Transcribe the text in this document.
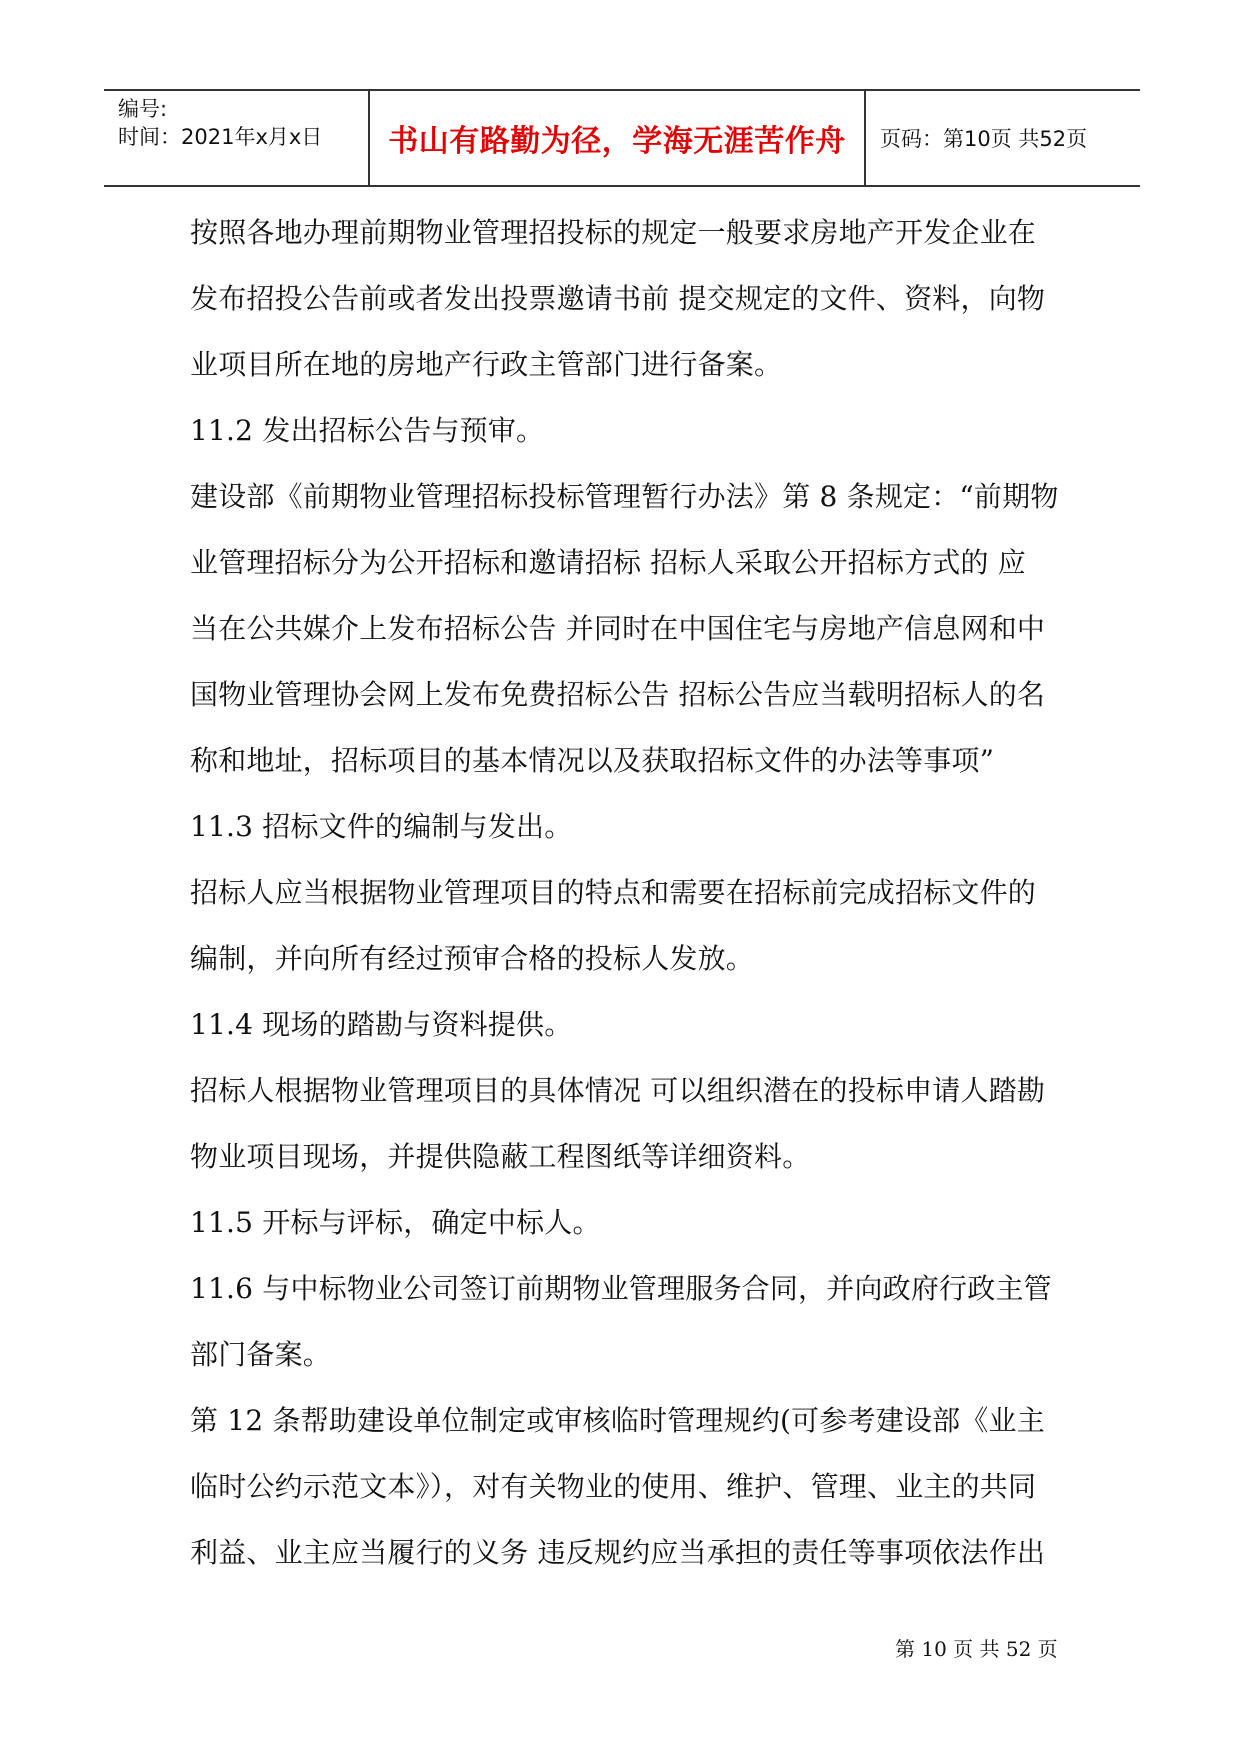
编号:
时间：2021年x月x日 书山有路勤为径，学海无涯苦作舟 页码：第10页 共52页
按照各地办理前期物业管理招投标的规定一般要求房地产开发企业在
发布招投公告前或者发出投票邀请书前 提交规定的文件、资料，向物
业项目所在地的房地产行政主管部门进行备案。
11.2 发出招标公告与预审。
建设部《前期物业管理招标投标管理暂行办法》第 8 条规定：“前期物
业管理招标分为公开招标和邀请招标 招标人采取公开招标方式的 应
当在公共媒介上发布招标公告 并同时在中国住宅与房地产信息网和中
国物业管理协会网上发布免费招标公告 招标公告应当载明招标人的名
称和地址，招标项目的基本情况以及获取招标文件的办法等事项”
11.3 招标文件的编制与发出。
招标人应当根据物业管理项目的特点和需要在招标前完成招标文件的
编制，并向所有经过预审合格的投标人发放。
11.4 现场的踏勘与资料提供。
招标人根据物业管理项目的具体情况 可以组织潜在的投标申请人踏勘
物业项目现场，并提供隐蔽工程图纸等详细资料。
11.5 开标与评标，确定中标人。
11.6 与中标物业公司签订前期物业管理服务合同，并向政府行政主管
部门备案。
第 12 条帮助建设单位制定或审核临时管理规约(可参考建设部《业主
临时公约示范文本》），对有关物业的使用、维护、管理、业主的共同
利益、业主应当履行的义务 违反规约应当承担的责任等事项依法作出
第 10 页 共 52 页
